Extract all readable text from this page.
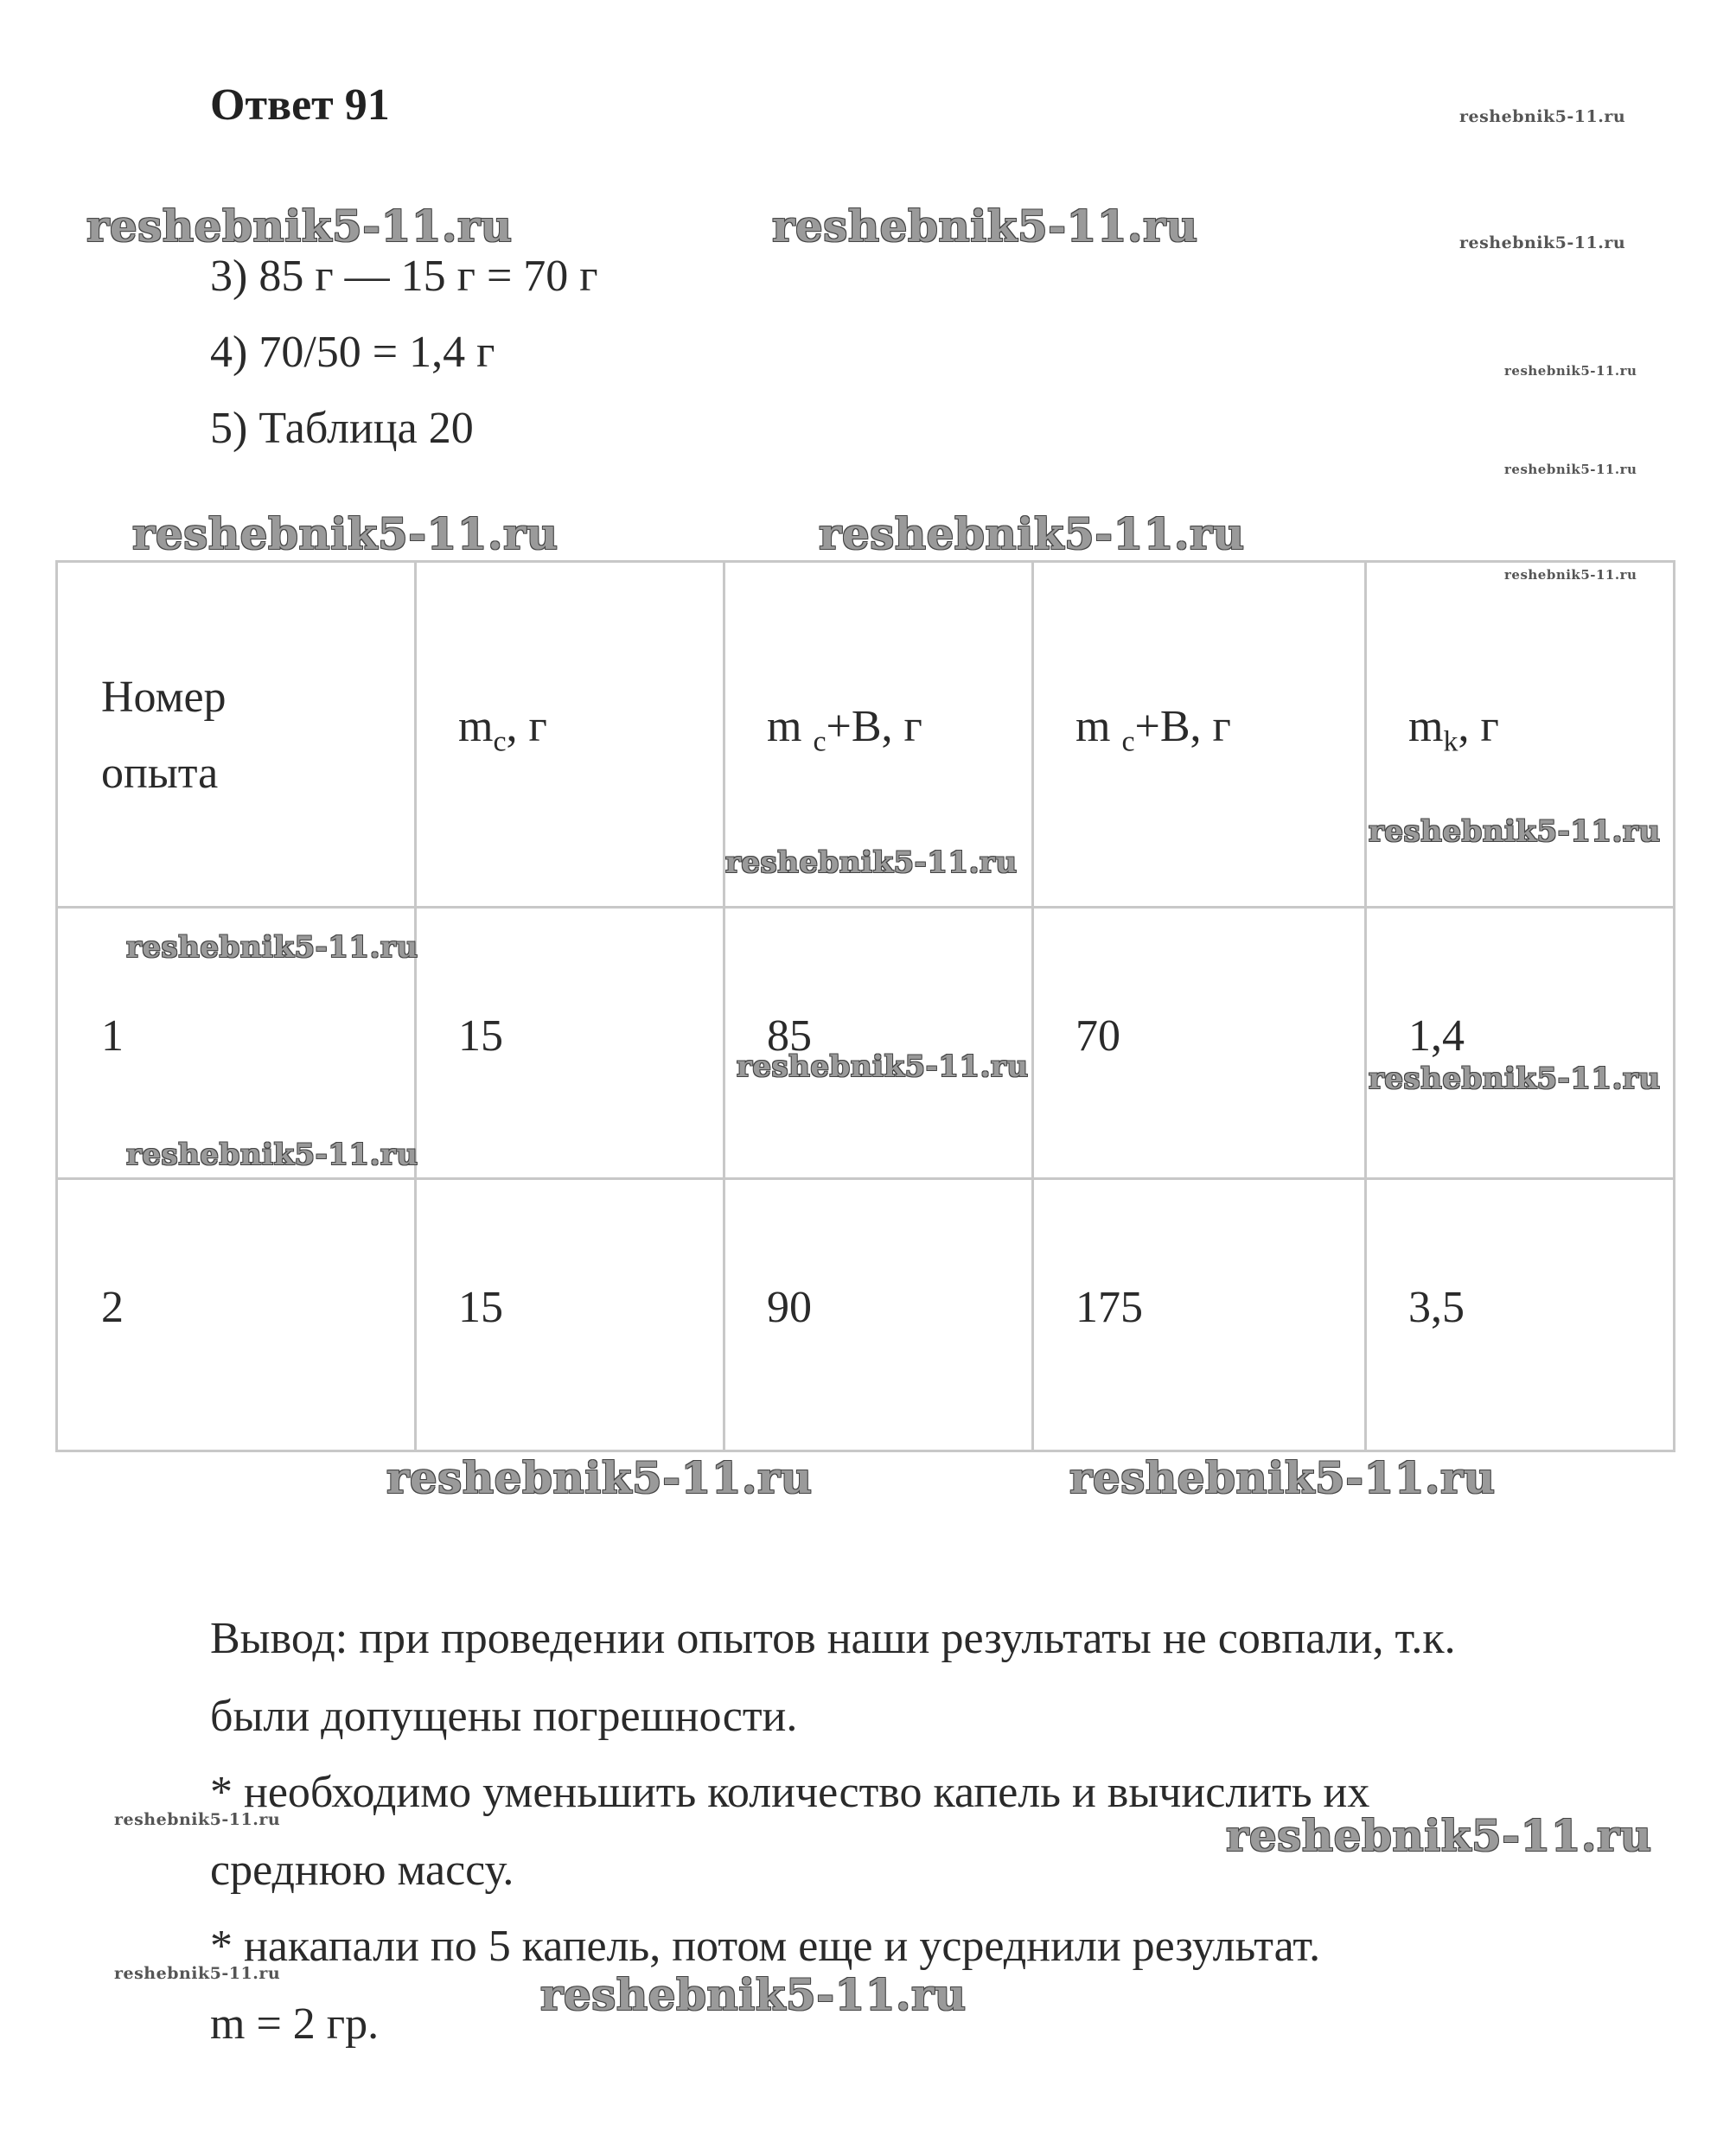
Ответ 91
3) 85 г — 15 г = 70 г
4) 70/50 = 1,4 г
5) Таблица 20
Номер опыта	$m_c$, г	m $_c$+В, г	m $_c$+В, г	$m_k$, г

1	15	85	70	1,4

2	15	90	175	3,5
Вывод: при проведении опытов наши результаты не совпали, т.к.
были допущены погрешности.
* необходимо уменьшить количество капель и вычислить их
среднюю массу.
* накапали по 5 капель, потом еще и усреднили результат.
m = 2 гр.
reshebnik5-11.ru
reshebnik5-11.ru	reshebnik5-11.ru	reshebnik5-11.ru
reshebnik5-11.ru
reshebnik5-11.ru
reshebnik5-11.ru	reshebnik5-11.ru
reshebnik5-11.ru
reshebnik5-11.ru
reshebnik5-11.ru
reshebnik5-11.ru
reshebnik5-11.ru	reshebnik5-11.ru
reshebnik5-11.ru
reshebnik5-11.ru	reshebnik5-11.ru
reshebnik5-11.ru	reshebnik5-11.ru
reshebnik5-11.ru	reshebnik5-11.ru
